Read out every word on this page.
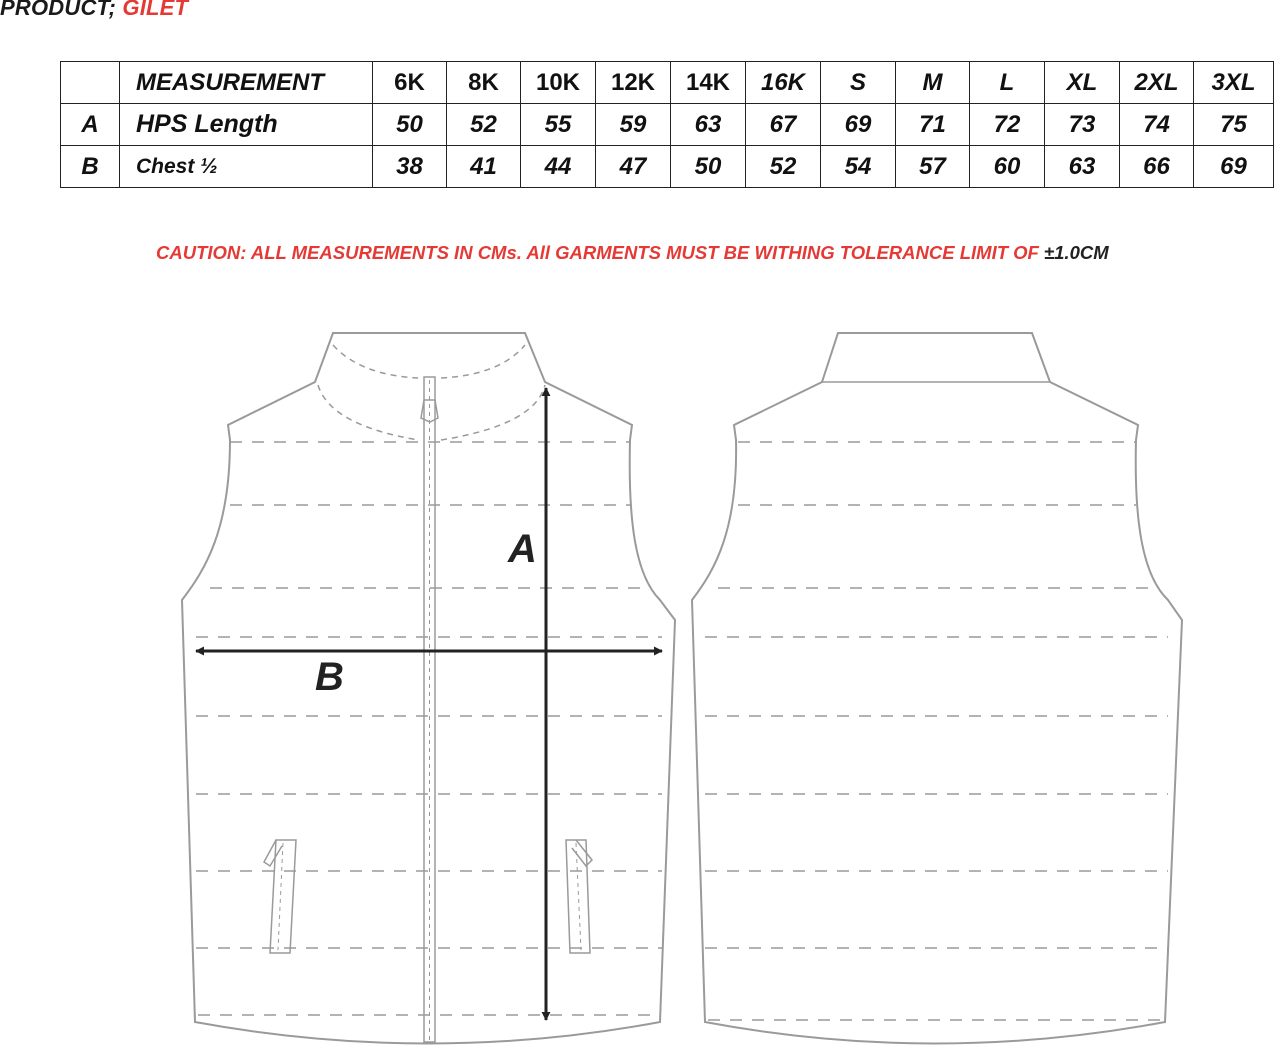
PRODUCT; GILET
	MEASUREMENT	6K	8K	10K	12K	14K	16K	S	M	L	XL	2XL	3XL
A	HPS Length	50	52	55	59	63	67	69	71	72	73	74	75
B	Chest ½	38	41	44	47	50	52	54	57	60	63	66	69
CAUTION: ALL MEASUREMENTS IN CMs. All GARMENTS MUST BE WITHING TOLERANCE LIMIT OF ±1.0CM
A
B
